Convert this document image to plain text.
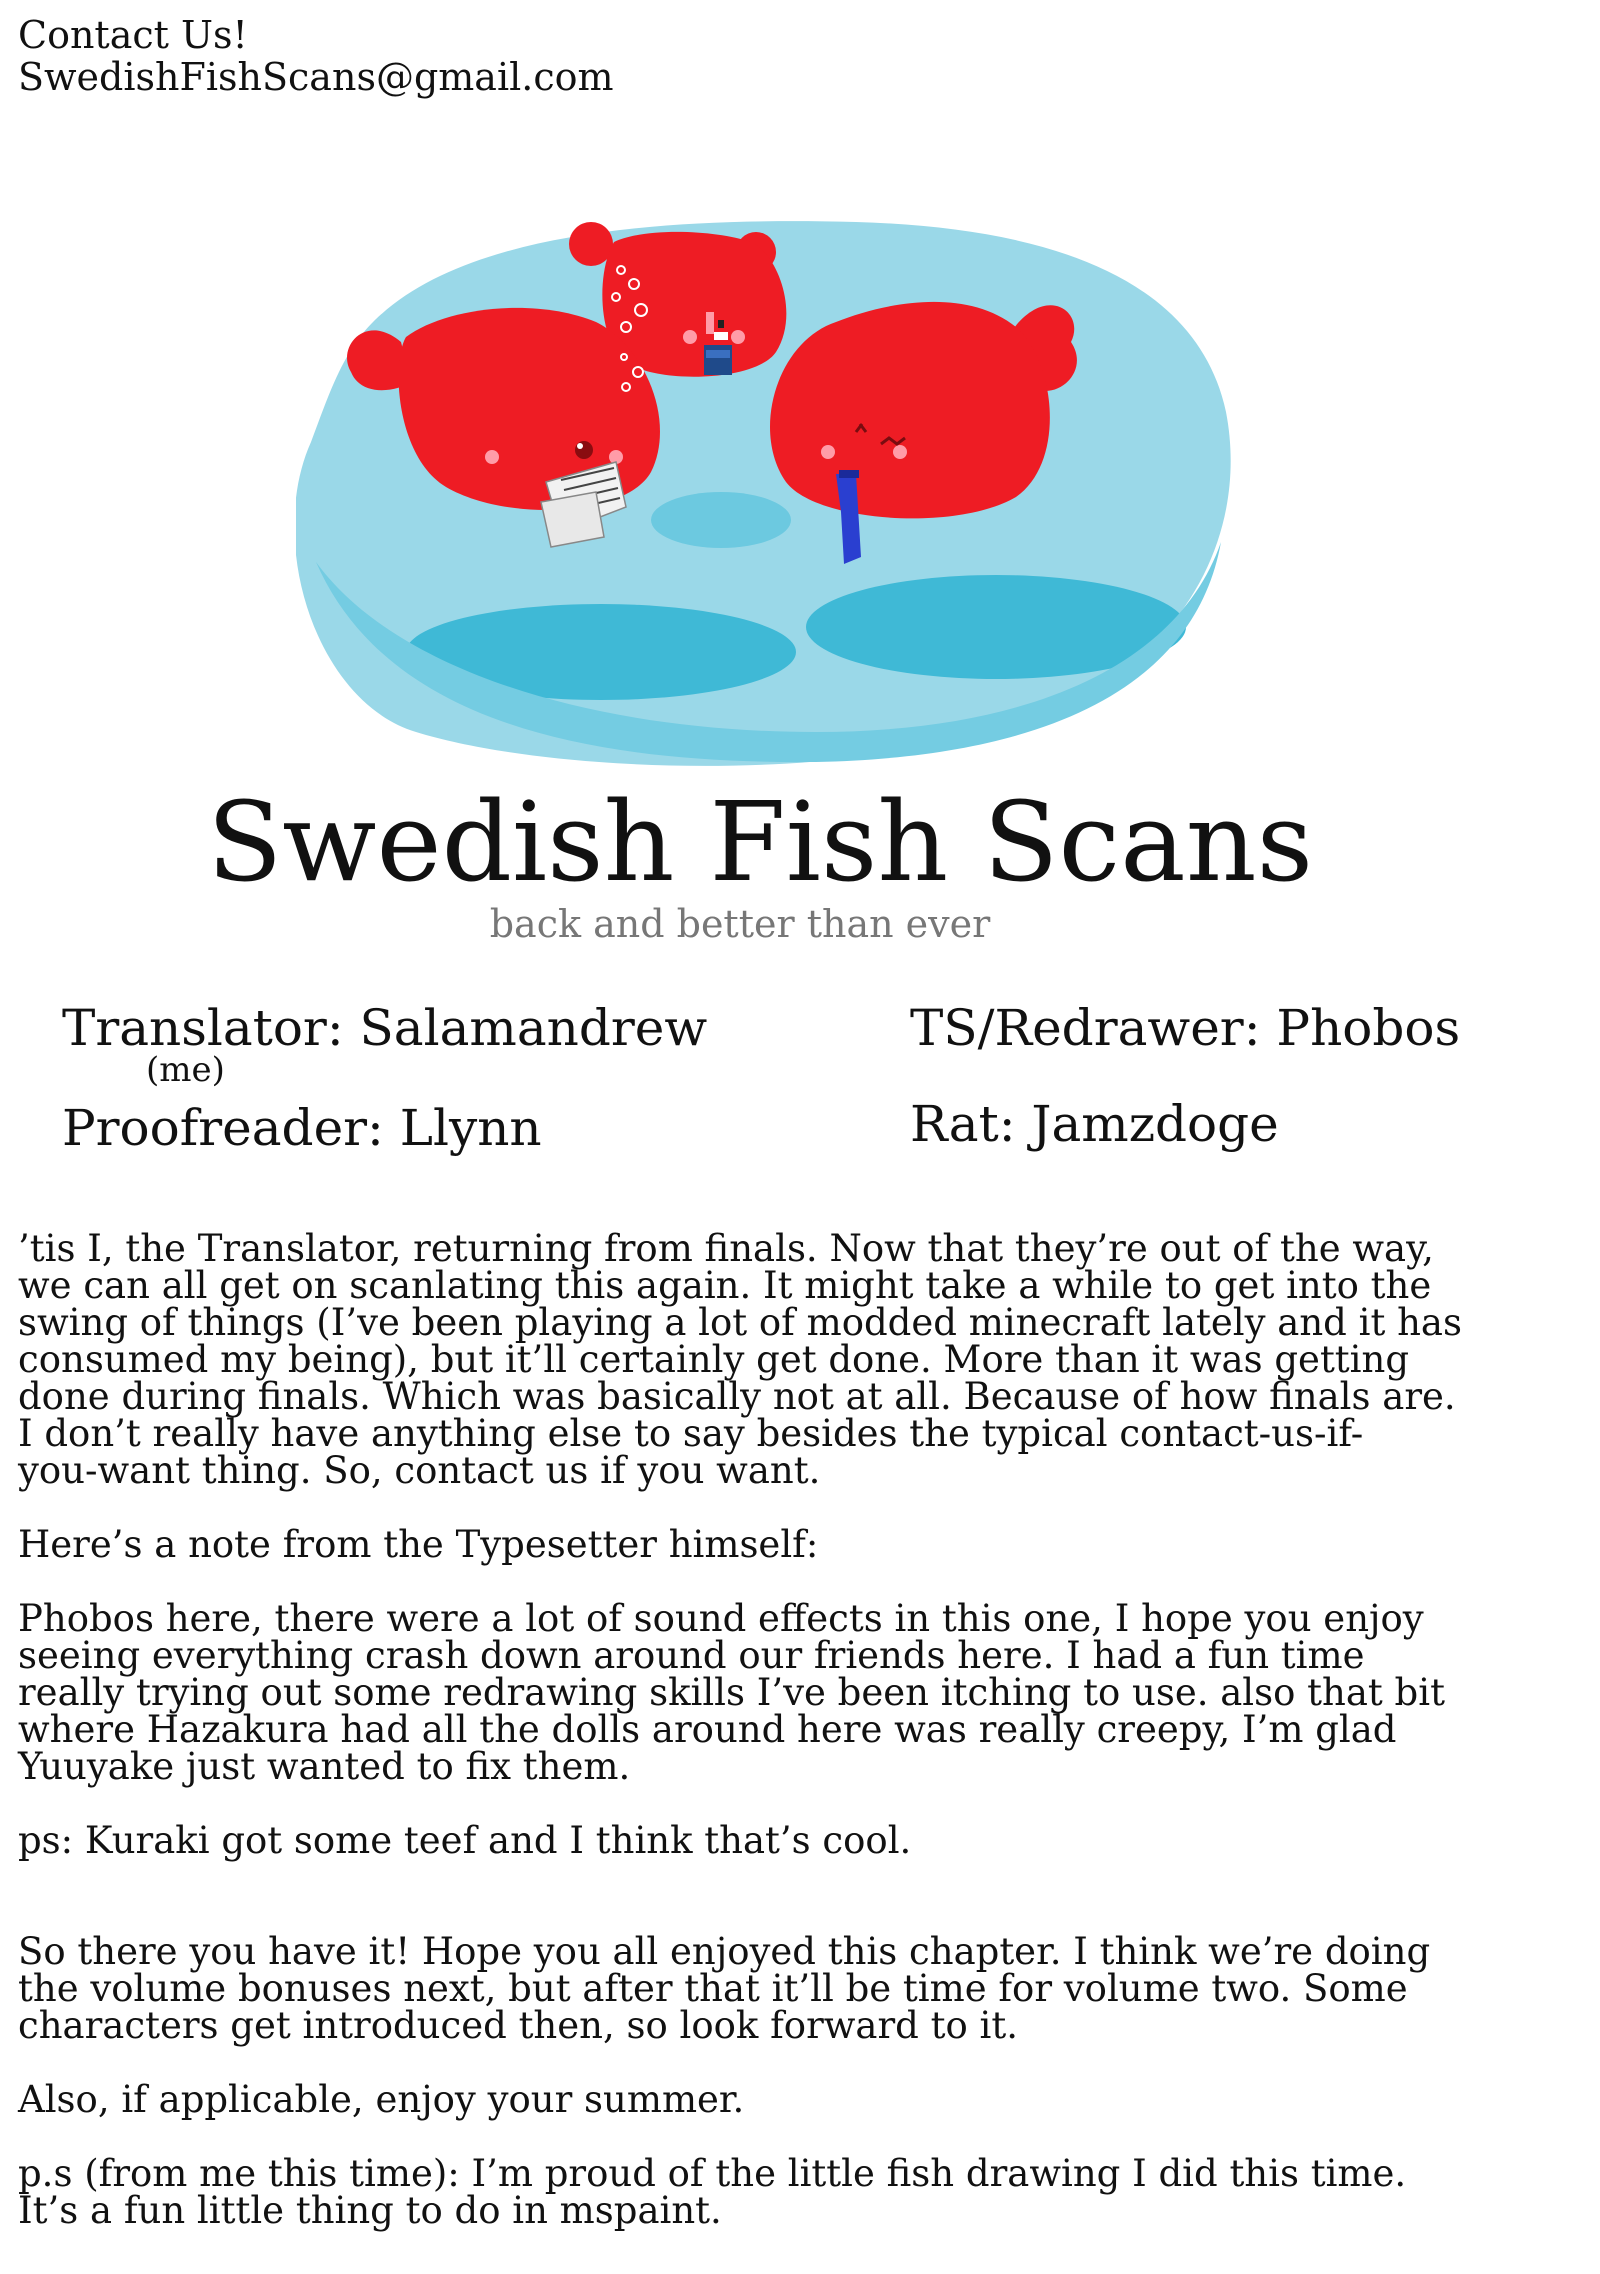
Contact Us!
SwedishFishScans@gmail.com
Swedish Fish Scans
back and better than ever
Translator: Salamandrew
(me)
Proofreader: Llynn
TS/Redrawer: Phobos
Rat: Jamzdoge

’tis I, the Translator, returning from finals. Now that they’re out of the way,

we can all get on scanlating this again. It might take a while to get into the

swing of things (I’ve been playing a lot of modded minecraft lately and it has

consumed my being), but it’ll certainly get done. More than it was getting

done during finals. Which was basically not at all. Because of how finals are.

I don’t really have anything else to say besides the typical contact-us-if-

you-want thing. So, contact us if you want.

Here’s a note from the Typesetter himself:

Phobos here, there were a lot of sound effects in this one, I hope you enjoy

seeing everything crash down around our friends here. I had a fun time

really trying out some redrawing skills I’ve been itching to use. also that bit

where Hazakura had all the dolls around here was really creepy, I’m glad

Yuuyake just wanted to fix them.

ps: Kuraki got some teef and I think that’s cool.

So there you have it! Hope you all enjoyed this chapter. I think we’re doing

the volume bonuses next, but after that it’ll be time for volume two. Some

characters get introduced then, so look forward to it.

Also, if applicable, enjoy your summer.

p.s (from me this time): I’m proud of the little fish drawing I did this time.

It’s a fun little thing to do in mspaint.
